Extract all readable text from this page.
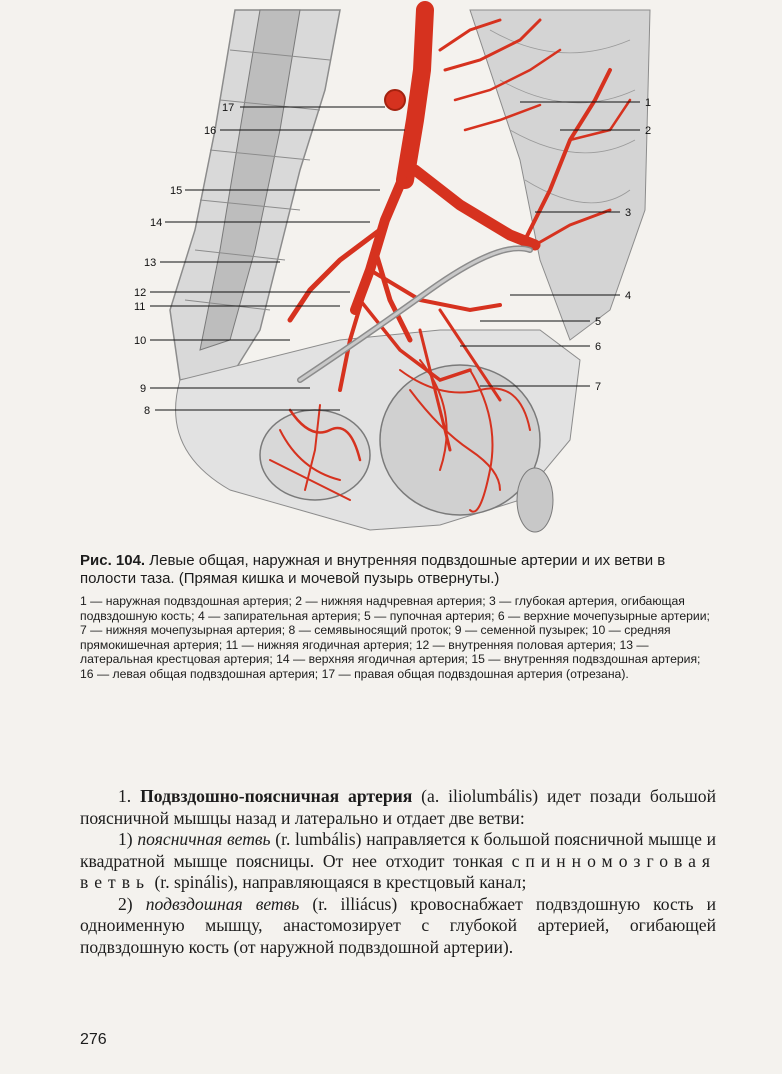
1
2
3
4
5
6
7
8
9
10
11
12
13
14
15
16
17

Рис. 104. Левые общая, наружная и внутренняя подвздошные артерии и их ветви в полости таза. (Прямая кишка и мочевой пузырь отвернуты.)

1 — наружная подвздошная артерия; 2 — нижняя надчревная артерия; 3 — глубокая артерия, огибающая подвздошную кость; 4 — запирательная артерия; 5 — пупочная артерия; 6 — верхние мочепузырные артерии; 7 — нижняя мочепузырная артерия; 8 — семявыносящий проток; 9 — семенной пузырек; 10 — средняя прямокишечная артерия; 11 — нижняя ягодичная артерия; 12 — внутренняя половая артерия; 13 — латеральная крестцовая артерия; 14 — верхняя ягодичная артерия; 15 — внутренняя подвздошная артерия; 16 — левая общая подвздошная артерия; 17 — правая общая подвздошная артерия (отрезана).

1. Подвздошно-поясничная артерия (a. iliolumbális) идет позади большой поясничной мышцы назад и латерально и отдает две ветви:

1) поясничная ветвь (r. lumbális) направляется к большой поясничной мышце и квадратной мышце поясницы. От нее отходит тонкая спинномозговая ветвь (r. spinális), направляющаяся в крестцовый канал;

2) подвздошная ветвь (r. illiácus) кровоснабжает подвздошную кость и одноименную мышцу, анастомозирует с глубокой артерией, огибающей подвздошную кость (от наружной подвздошной артерии).

276
